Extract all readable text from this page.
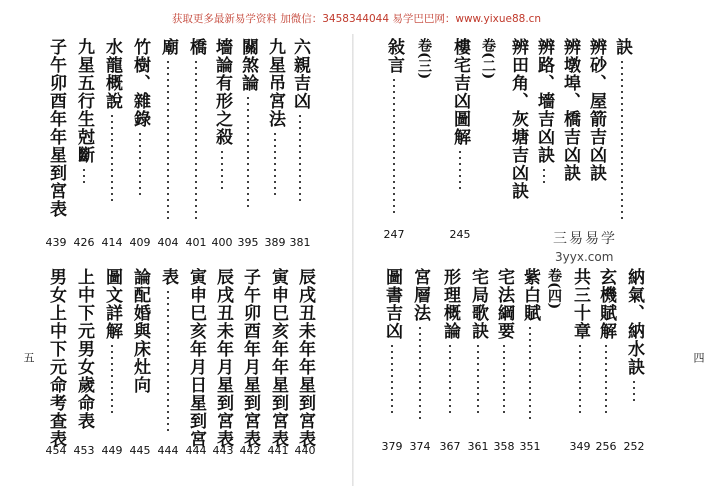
获取更多最新易学资料 加微信：3458344044 易学巴巴网：www.yixue88.cn
五	四
三易易学
3yyx.com
六親吉凶
381
九星吊宮法
389
關煞論
395
墻論有形之殺
400
橋
401
廟
404
竹樹、雜錄
409
水龍概說
414
九星五行生尅斷
426
子午卯酉年年星到宮表
439
辰戌丑未年年星到宮表
440
寅申巳亥年年星到宮表
441
子午卯酉年月星到宮表
442
辰戌丑未年月星到宮表
443
寅申巳亥年月日星到宮
444
表
444
論配婚與床灶向
445
圖文詳解
449
上中下元男女歲命表
453
男女上中下元命考查表
454
訣
辨砂、屋箭吉凶訣
辨墩埠、橋吉凶訣
辨路、墻吉凶訣
辨田角、灰塘吉凶訣
卷(二)
樓宅吉凶圖解
245
卷(三)
敍言
247
納氣、納水訣
252
玄機賦解
256
共三十章
349
卷(四)
紫白賦
351
宅法綱要
358
宅局歌訣
361
形理概論
367
宮層法
374
圖書吉凶
379
